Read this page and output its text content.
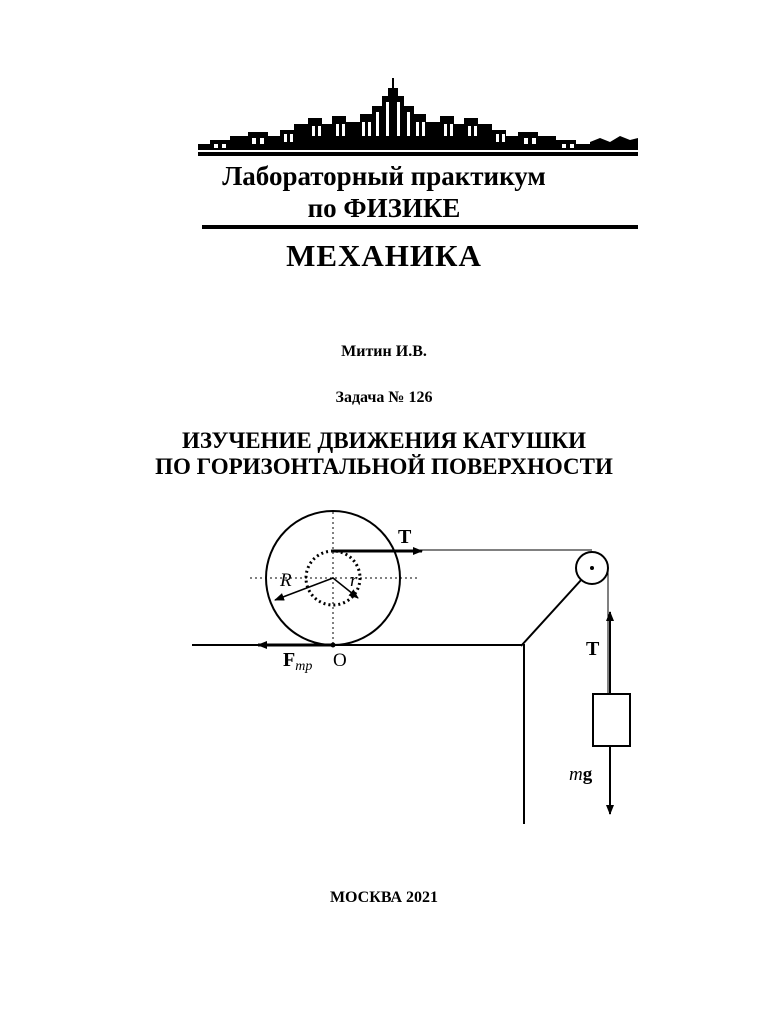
Лабораторный практикум
по ФИЗИКЕ
МЕХАНИКА
Митин И.В.
Задача № 126
ИЗУЧЕНИЕ ДВИЖЕНИЯ КАТУШКИ
ПО ГОРИЗОНТАЛЬНОЙ ПОВЕРХНОСТИ
T
R	r
T
$F_{тр}$ O
mg
МОСКВА 2021
